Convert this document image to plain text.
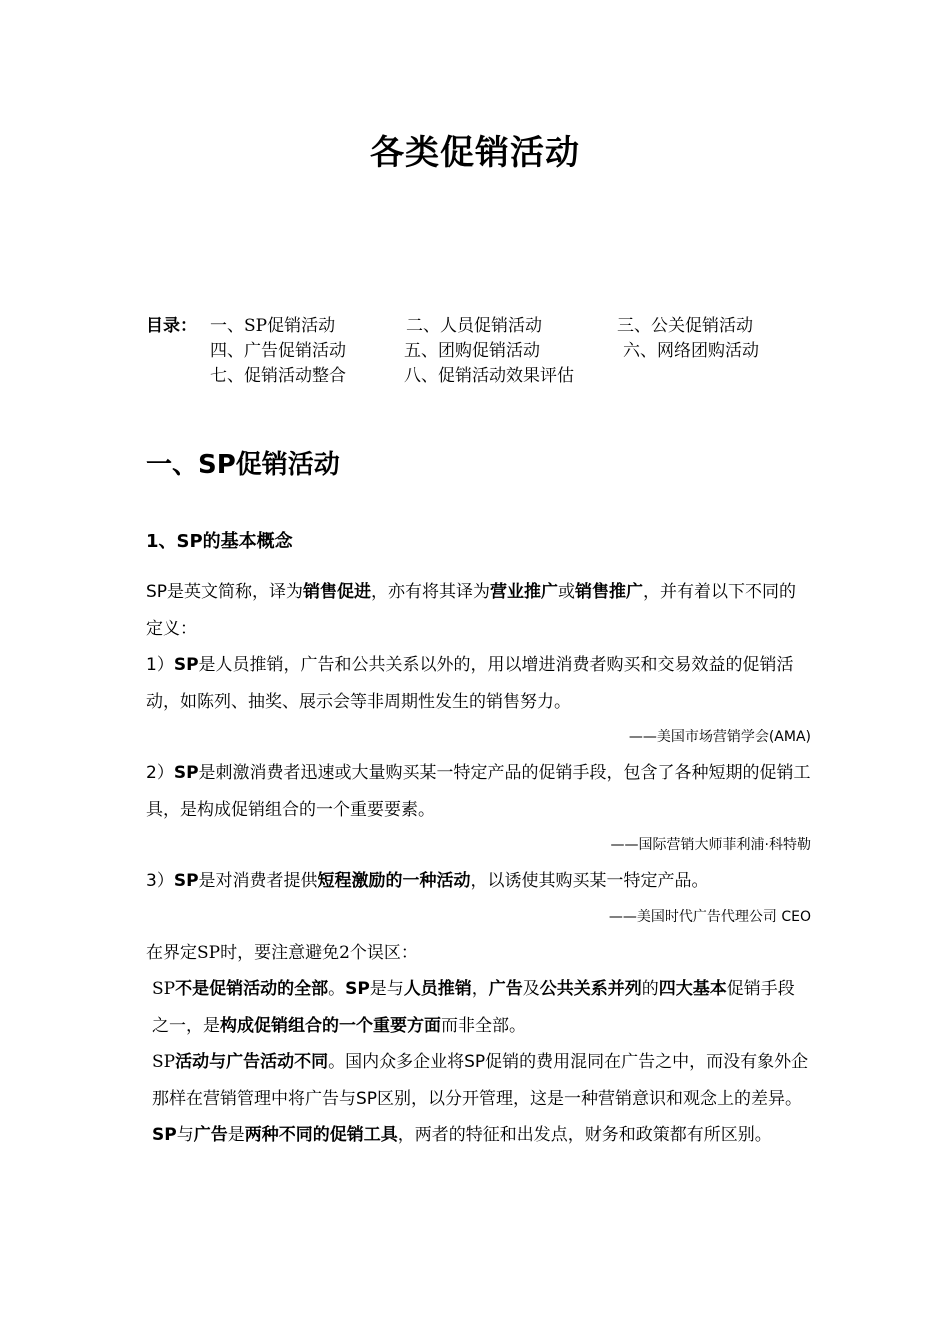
各类促销活动
目录： 一、SP促销活动	二、人员促销活动	三、公关促销活动
四、广告促销活动	五、团购促销活动	六、网络团购活动
七、促销活动整合	八、促销活动效果评估
一、SP促销活动
1、SP的基本概念

SP是英文简称，译为销售促进，亦有将其译为营业推广或销售推广，并有着以下不同的定义：

1）SP是人员推销，广告和公共关系以外的，用以增进消费者购买和交易效益的促销活动，如陈列、抽奖、展示会等非周期性发生的销售努力。

——美国市场营销学会(AMA)

2）SP是刺激消费者迅速或大量购买某一特定产品的促销手段，包含了各种短期的促销工具，是构成促销组合的一个重要要素。

——国际营销大师菲利浦·科特勒

3）SP是对消费者提供短程激励的一种活动，以诱使其购买某一特定产品。

——美国时代广告代理公司 CEO

在界定SP时，要注意避免2个误区：

SP不是促销活动的全部。SP是与人员推销，广告及公共关系并列的四大基本促销手段之一，是构成促销组合的一个重要方面而非全部。

SP活动与广告活动不同。国内众多企业将SP促销的费用混同在广告之中，而没有象外企那样在营销管理中将广告与SP区别，以分开管理，这是一种营销意识和观念上的差异。SP与广告是两种不同的促销工具，两者的特征和出发点，财务和政策都有所区别。
